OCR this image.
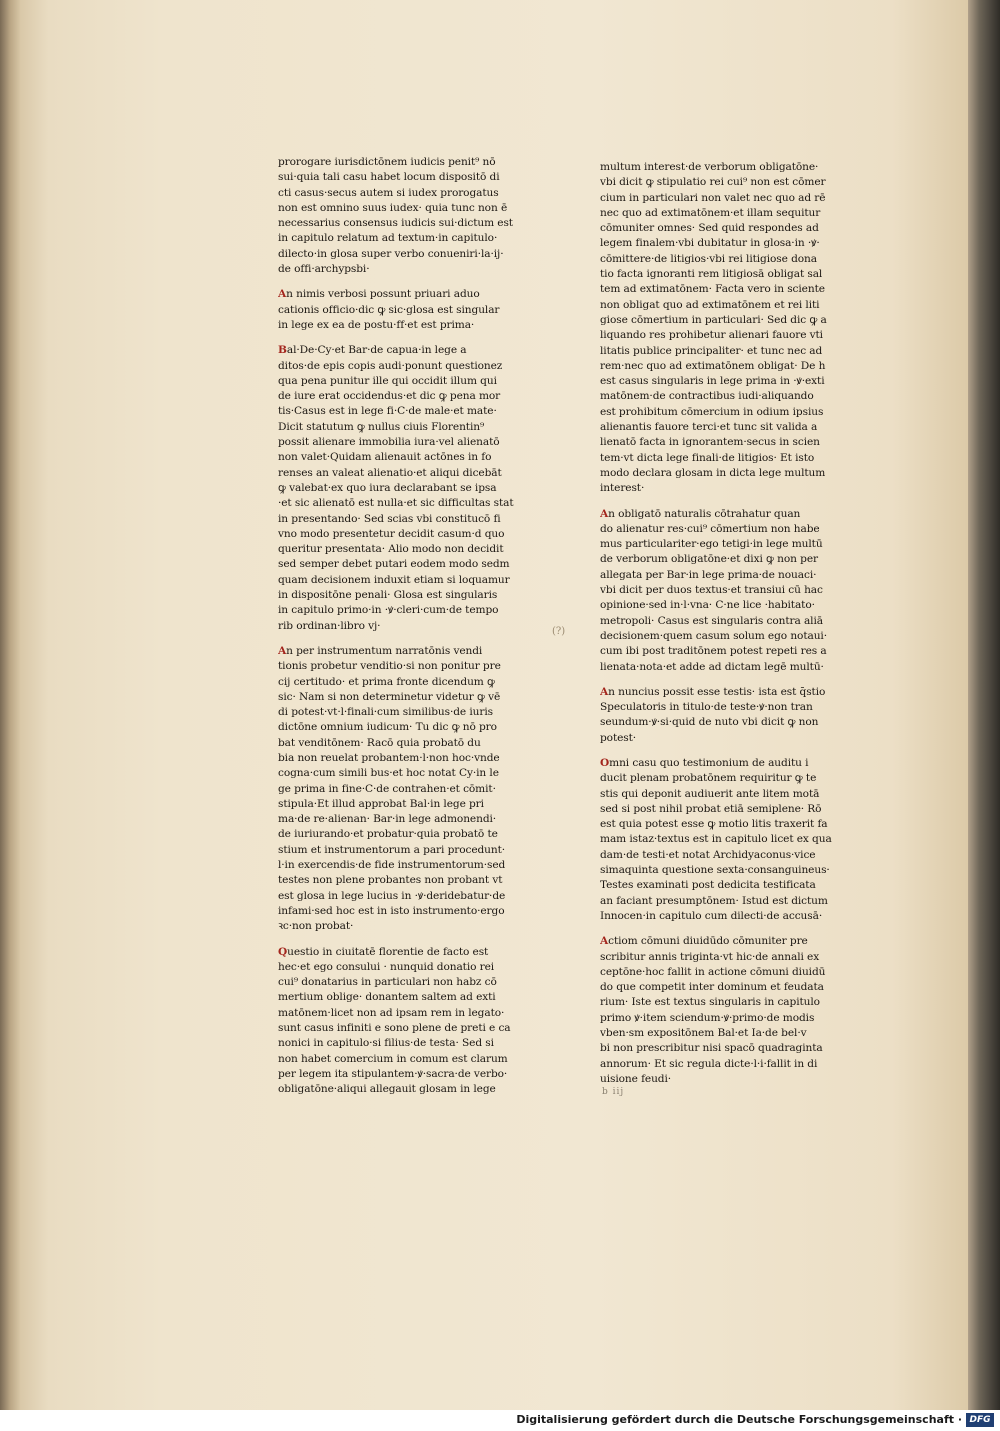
prorogare iurisdictōnem iudicis penit⁹ nō
sui·quia tali casu habet locum dispositō di
cti casus·secus autem si iudex prorogatus
non est omnino suus iudex· quia tunc non ē
necessarius consensus iudicis sui·dictum est
in capitulo relatum ad textum·in capitulo·
dilecto·in glosa super verbo conueniri·la·ij·
de offi·archypsbi·
An nimis verbosi possunt priuari aduo
cationis officio·dic ꝙ sic·glosa est singular
in lege ex ea de postu·ff·et est prima·
Bal·De·Cy·et Bar·de capua·in lege a
ditos·de epis copis audi·ponunt questionez
qua pena punitur ille qui occidit illum qui
de iure erat occidendus·et dic ꝙ pena mor
tis·Casus est in lege fi·C·de male·et mate·
Dicit statutum ꝙ nullus ciuis Florentin⁹
possit alienare immobilia iura·vel alienatō
non valet·Quidam alienauit actōnes in fo
renses an valeat alienatio·et aliqui dicebāt
ꝙ valebat·ex quo iura declarabant se ipsa
·et sic alienatō est nulla·et sic difficultas stat
in presentando· Sed scias vbi constitucō fi
vno modo presentetur decidit casum·d quo
queritur presentata· Alio modo non decidit
sed semper debet putari eodem modo sedm
quam decisionem induxit etiam si loquamur
in dispositōne penali· Glosa est singularis
in capitulo primo·in ·ꝟ·cleri·cum·de tempo
rib ordinan·libro vj·
An per instrumentum narratōnis vendi
tionis probetur venditio·si non ponitur pre
cij certitudo· et prima fronte dicendum ꝙ
sic· Nam si non determinetur videtur ꝙ vē
di potest·vt·l·finali·cum similibus·de iuris
dictōne omnium iudicum· Tu dic ꝙ nō pro
bat venditōnem· Racō quia probatō du
bia non reuelat probantem·l·non hoc·vnde
cogna·cum simili bus·et hoc notat Cy·in le
ge prima in fine·C·de contrahen·et cōmit·
stipula·Et illud approbat Bal·in lege pri
ma·de re·alienan· Bar·in lege admonendi·
de iuriurando·et probatur·quia probatō te
stium et instrumentorum a pari procedunt·
l·in exercendis·de fide instrumentorum·sed
testes non plene probantes non probant vt
est glosa in lege lucius in ·ꝟ·deridebatur·de
infami·sed hoc est in isto instrumento·ergo
ꝛc·non probat·
Questio in ciuitatē florentie de facto est
hec·et ego consului · nunquid donatio rei
cui⁹ donatarius in particulari non habz cō
mertium oblige· donantem saltem ad exti
matōnem·licet non ad ipsam rem in legato·
sunt casus infiniti e sono plene de preti e ca
nonici in capitulo·si filius·de testa· Sed si
non habet comercium in comum est clarum
per legem ita stipulantem·ꝟ·sacra·de verbo·
obligatōne·aliqui allegauit glosam in lege
multum interest·de verborum obligatōne·
vbi dicit ꝙ stipulatio rei cui⁹ non est cōmer
cium in particulari non valet nec quo ad rē
nec quo ad extimatōnem·et illam sequitur
cōmuniter omnes· Sed quid respondes ad
legem finalem·vbi dubitatur in glosa·in ·ꝟ·
cōmittere·de litigios·vbi rei litigiose dona
tio facta ignoranti rem litigiosā obligat sal
tem ad extimatōnem· Facta vero in sciente
non obligat quo ad extimatōnem et rei liti
giose cōmertium in particulari· Sed dic ꝙ a
liquando res prohibetur alienari fauore vti
litatis publice principaliter· et tunc nec ad
rem·nec quo ad extimatōnem obligat· De h
est casus singularis in lege prima in ·ꝟ·exti
matōnem·de contractibus iudi·aliquando
est prohibitum cōmercium in odium ipsius
alienantis fauore terci·et tunc sit valida a
lienatō facta in ignorantem·secus in scien
tem·vt dicta lege finali·de litigios· Et isto
modo declara glosam in dicta lege multum
interest·
An obligatō naturalis cōtrahatur quan
do alienatur res·cui⁹ cōmertium non habe
mus particulariter·ego tetigi·in lege multū
de verborum obligatōne·et dixi ꝙ non per
allegata per Bar·in lege prima·de nouaci·
vbi dicit per duos textus·et transiui cū hac
opinione·sed in·l·vna· C·ne lice ·habitato·
metropoli· Casus est singularis contra aliā
decisionem·quem casum solum ego notaui·
cum ibi post traditōnem potest repeti res a
lienata·nota·et adde ad dictam legē multū·
An nuncius possit esse testis· ista est q̄stio
Speculatoris in titulo·de teste·ꝟ·non tran
seundum·ꝟ·si·quid de nuto vbi dicit ꝙ non
potest·
Omni casu quo testimonium de auditu i
ducit plenam probatōnem requiritur ꝙ te
stis qui deponit audiuerit ante litem motā
sed si post nihil probat etiā semiplene· Rō
est quia potest esse ꝙ motio litis traxerit fa
mam istaz·textus est in capitulo licet ex qua
dam·de testi·et notat Archidyaconus·vice
simaquinta questione sexta·consanguineus·
Testes examinati post dedicita testificata
an faciant presumptōnem· Istud est dictum
Innocen·in capitulo cum dilecti·de accusā·
Actiom cōmuni diuidūdo cōmuniter pre
scribitur annis triginta·vt hic·de annali ex
ceptōne·hoc fallit in actione cōmuni diuidū
do que competit inter dominum et feudata
rium· Iste est textus singularis in capitulo
primo ꝟ·item sciendum·ꝟ·primo·de modis
vben·sm expositōnem Bal·et Ia·de bel·v
bi non prescribitur nisi spacō quadraginta
annorum· Et sic regula dicte·l·i·fallit in di
uisione feudi·
(?)
b iij
Digitalisierung gefördert durch die Deutsche Forschungsgemeinschaft · DFG
